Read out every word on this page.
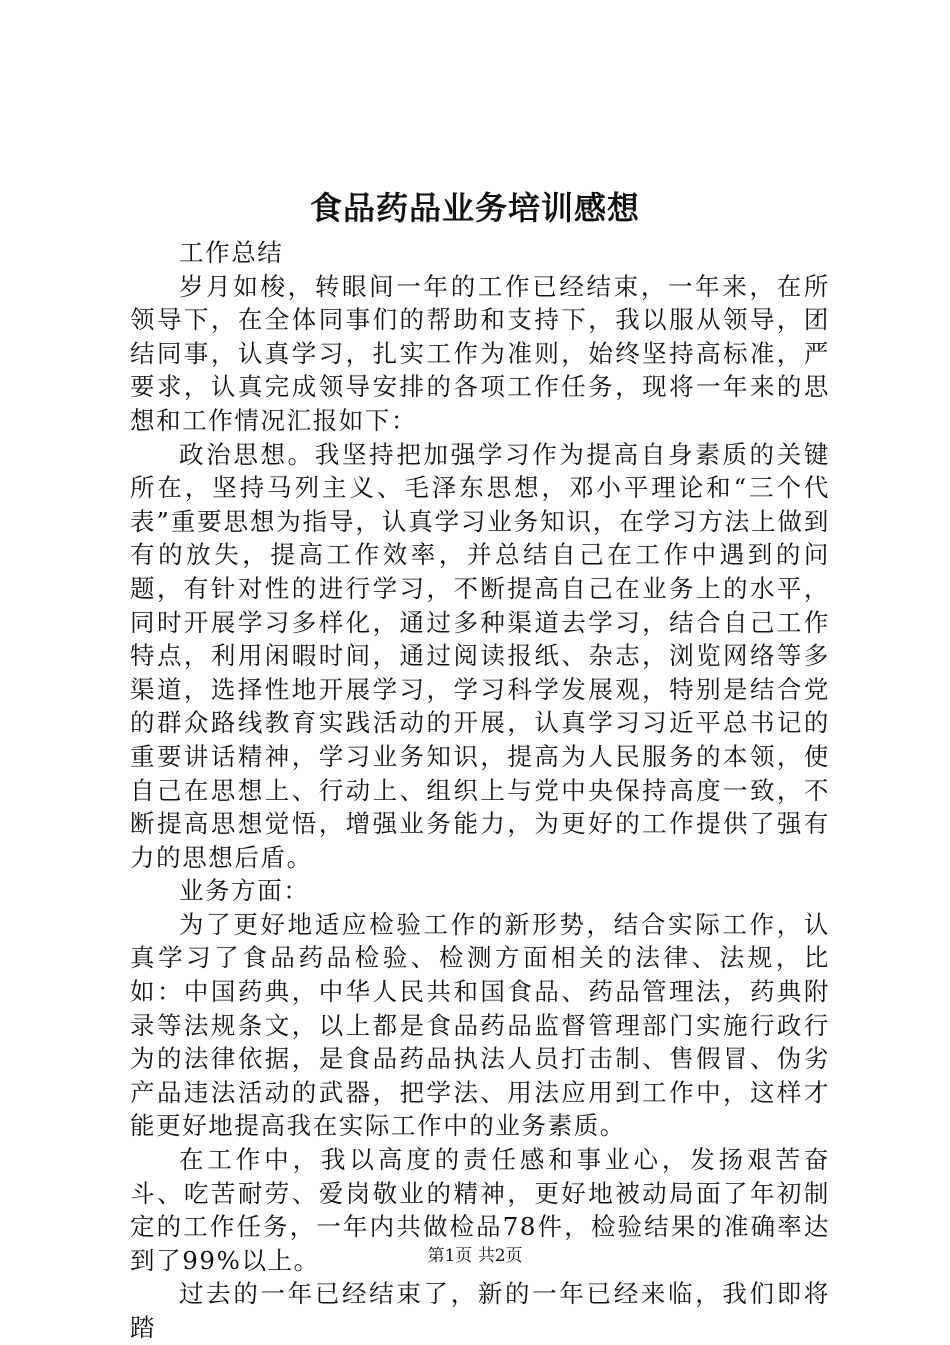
食品药品业务培训感想

工作总结

岁月如梭，转眼间一年的工作已经结束，一年来，在所领导下，在全体同事们的帮助和支持下，我以服从领导，团结同事，认真学习，扎实工作为准则，始终坚持高标准，严要求，认真完成领导安排的各项工作任务，现将一年来的思想和工作情况汇报如下：

政治思想。我坚持把加强学习作为提高自身素质的关键所在，坚持马列主义、毛泽东思想，邓小平理论和“三个代表”重要思想为指导，认真学习业务知识，在学习方法上做到有的放失，提高工作效率，并总结自己在工作中遇到的问题，有针对性的进行学习，不断提高自己在业务上的水平，同时开展学习多样化，通过多种渠道去学习，结合自己工作特点，利用闲暇时间，通过阅读报纸、杂志，浏览网络等多渠道，选择性地开展学习，学习科学发展观，特别是结合党的群众路线教育实践活动的开展，认真学习习近平总书记的重要讲话精神，学习业务知识，提高为人民服务的本领，使自己在思想上、行动上、组织上与党中央保持高度一致，不断提高思想觉悟，增强业务能力，为更好的工作提供了强有力的思想后盾。

业务方面：

为了更好地适应检验工作的新形势，结合实际工作，认真学习了食品药品检验、检测方面相关的法律、法规，比如：中国药典，中华人民共和国食品、药品管理法，药典附录等法规条文，以上都是食品药品监督管理部门实施行政行为的法律依据，是食品药品执法人员打击制、售假冒、伪劣产品违法活动的武器，把学法、用法应用到工作中，这样才能更好地提高我在实际工作中的业务素质。

在工作中，我以高度的责任感和事业心，发扬艰苦奋斗、吃苦耐劳、爱岗敬业的精神，更好地被动局面了年初制定的工作任务，一年内共做检品78件，检验结果的准确率达到了99%以上。

过去的一年已经结束了，新的一年已经来临，我们即将踏

第1页 共2页
